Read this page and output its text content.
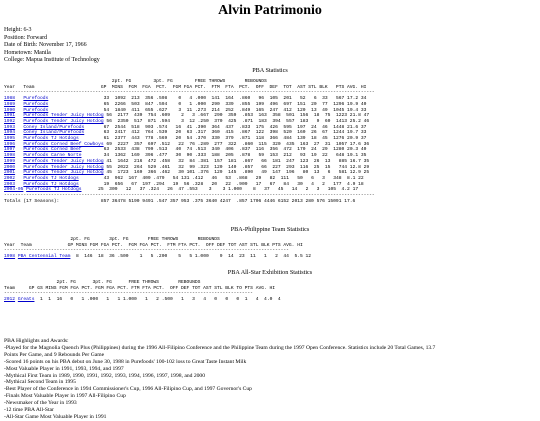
Alvin Patrimonio
Height: 6-3
Position: Forward
Date of Birth: November 17, 1966
Hometown: Manila
College: Mapua Institute of Technology
PBA Statistics
2pt. FG        3pt. FG        FREE THROWS       REBOUNDS
Year   Team                        GP  MINS  FGM  FGA  PCT.  FGM FGA PCT.  FTM  FTA  PCT.  OFF  DEF  TOT  AST STL BLK   PTS AVG. HI
--------------------------------------------------------------------------------------------------------------------------------------
1988 Purefoods	33  1092  213  356 .598    0   4 .000  141  164  .860   96  105  201   52   6  33   567 17.2 34
1989 Purefoods	65  2266  503  847 .594    0   1 .000  290  339  .855  199  496  697  151  20  77  1296 19.9 40
1990 Purefoods	54  1840  411  655 .627    3  11 .273  214  252  .849  165  247  412  120  13  49  1045 19.4 33
1991 Purefoods Tender Juicy Hotdog 56  2177  439  754 .609    2   3 .667  290  359  .853  163  358  501  156  18  75  1223 21.8 47
1992 Purefoods Tender Juicy Hotdog 56  2350  517  871 .594    3  12 .250  370  425  .871  183  394  557  183   9  60  1413 25.2 46
1993 Coney Island/Purefoods	67  2544  518  903 .574   16  41 .390  364  437  .833  175  426  595  197  24  46  1448 21.6 37
1994 Coney Island/Purefoods	63  2417  412  764 .539   20  63 .317  360  415  .867  122  398  520  160  26  67  1244 19.7 33
1995 Purefoods TJ Hotdogs	61  2377  443  778 .569   20  54 .370  330  379  .871  118  366  484  139  18  45  1276 20.9 37
1996 Purefoods Corned Beef Cowboys 69  2227  357  697 .512   22  76 .289  277  322  .860  115  320  435  163  27  31  1057 17.6 36
1997 Purefoods Corned Beef	63  2533  438  799 .513   40  74 .513  340  406  .837  116  356  472  170  24  29  1280 20.3 40
1998 Purefoods Carne Norte	34  1362  169  396 .477   30  90 .333  188  205  .878   59  153  212   93  19  22   648 19.1 35
1999 Purefoods Tender Juicy Hotdog 41  1642  216  472 .458   32  84 .381  157  181  .867   66  181  247  123  26  13   885 16.7 35
2000 Purefoods Tender Juicy Hotdog 55  2022  264  529 .461   32  99 .323  120  140  .857   66  227  293  116  25  15   744 12.8 29
2001 Purefoods Tender Juicy Hotdog 45  1723  169  366 .462   30 101 .376  129  145  .890   49  147  196   80  13   6   581 12.9 25
2002 Purefoods TJ Hotdogs	43  962  167  409 .479   54 131 .412   46   53  .868   29   82  111   50   6   3   348  8.1 22
2003 Purefoods TJ Hotdogs	19  656   67  197 .294   19  56 .328   20   22  .909   17   67   84   30   4   2   177  4.9 18
2004-05 Purefoods TJ Hotdogs	25  309   12   37 .324   26  47 .553    3    3 1.000    8   37   45   14   2   3   105  4.2 17
--------------------------------------------------------------------------------------------------------------------------------------
Totals (17 Seasons):               857 36478 5190 9491 .547 357 953 .375 3640 4247  .857 1706 4446 6152 2013 280 576 15091 17.6
PBA-Philippine Team Statistics
2pt. FG       3pt. FG       FREE THROWS       REBOUNDS
Year  Team             GP MINS FGM FGA PCT.  FGM FGA PCT.  FTM FTA PCT.  OFF DEF TOT AST STL BLK PTS AVG. HI
-------------------------------------------------------------------------------------------------------
1998 PBA Centennial Team  8  146  18  36 .500    1   5 .200    5   5 1.000    9  14  23  11   1   2  44  5.5 12
PBA All-Star Exhibition Statistics
2pt. FG      3pt. FG      FREE THROWS       REBOUNDS
Team     GP GS MINS FGM FGA PCT. FGM FGA PCT. FTM FTA PCT.  OFF DEF TOT AST STL BLK TO PTS AVG. HI
------------------------------------------------------------------------------------------
2012 Greats  1  1  16   0   1 .000   1   1 1.000   1   2 .500   1   3   4   0   0   0  1   4  4.0  4
PBA Highlights and Awards:
-Played for the Magnolia Quench Plus (Philippines) during the 1996 All-Filipino Conference and the Philippine Team during the 1997 Open Conference. Statistics include 20 Total Games, 13.7
Points Per Game, and 9 Rebounds Per Game
-Scored 16 points on his PBA debut on June 30, 1988 in Purefoods' 100-102 loss to Great Taste Instant Milk
-Most Valuable Player in 1991, 1993, 1994, and 1997
-Mythical First Team in 1989, 1990, 1991, 1992, 1993, 1994, 1996, 1997, 1998, and 2000
-Mythical Second Team in 1995
-Best Player of the Conference in 1994 Commissioner's Cup, 1996 All-Filipino Cup, and 1997 Governor's Cup
-Finals Most Valuable Player in 1997 All-Filipino Cup
-Newsmaker of the Year in 1993
-12 time PBA All-Star
-All-Star Game Most Valuable Player in 1991
